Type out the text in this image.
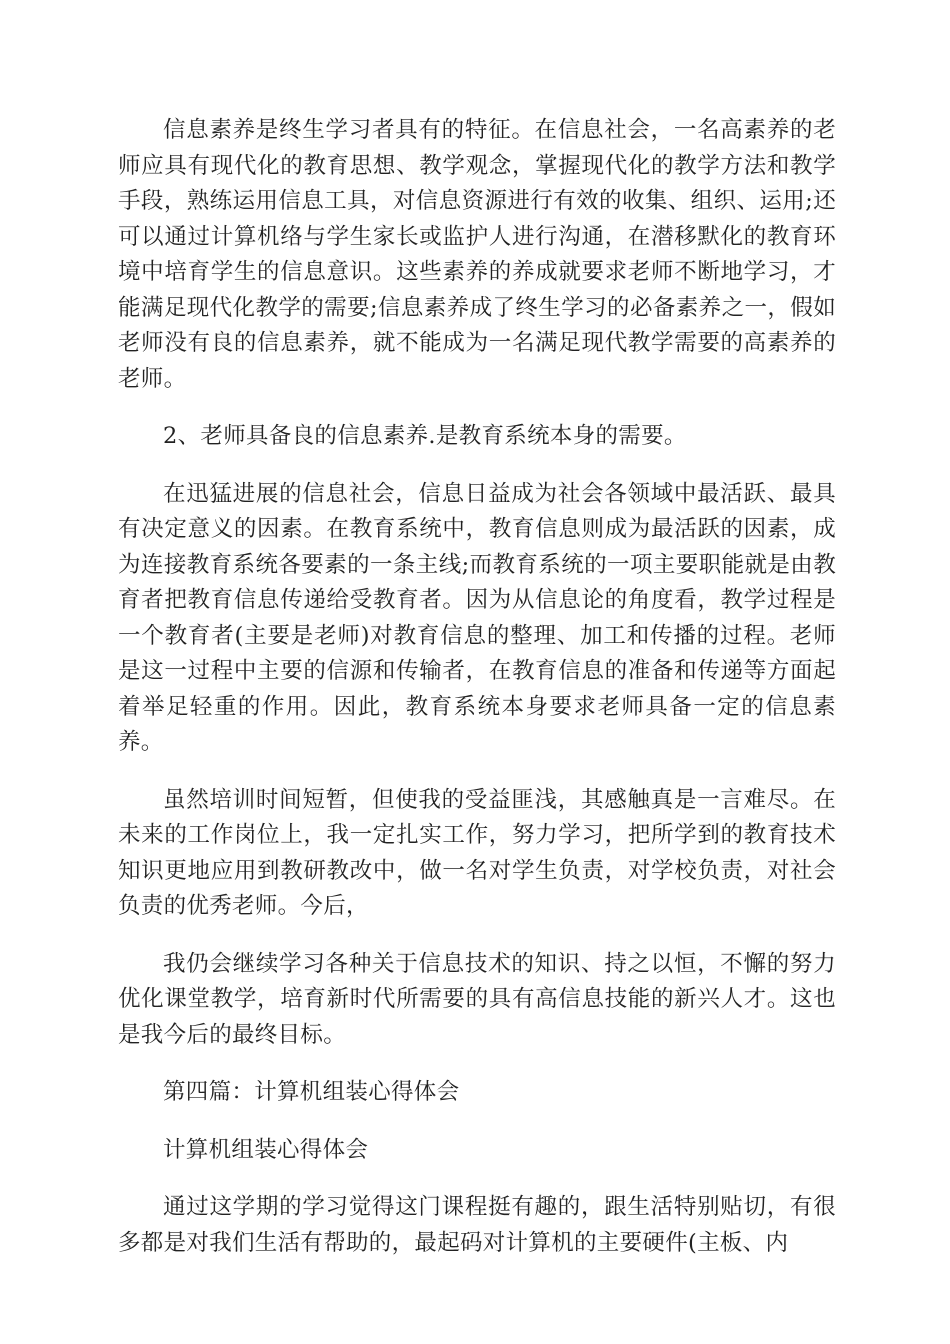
信息素养是终生学习者具有的特征。在信息社会，一名高素养的老师应具有现代化的教育思想、教学观念，掌握现代化的教学方法和教学手段，熟练运用信息工具，对信息资源进行有效的收集、组织、运用;还可以通过计算机络与学生家长或监护人进行沟通，在潜移默化的教育环境中培育学生的信息意识。这些素养的养成就要求老师不断地学习，才能满足现代化教学的需要;信息素养成了终生学习的必备素养之一，假如老师没有良的信息素养，就不能成为一名满足现代教学需要的高素养的老师。

2、老师具备良的信息素养.是教育系统本身的需要。

在迅猛进展的信息社会，信息日益成为社会各领域中最活跃、最具有决定意义的因素。在教育系统中，教育信息则成为最活跃的因素，成为连接教育系统各要素的一条主线;而教育系统的一项主要职能就是由教育者把教育信息传递给受教育者。因为从信息论的角度看，教学过程是一个教育者(主要是老师)对教育信息的整理、加工和传播的过程。老师是这一过程中主要的信源和传输者，在教育信息的准备和传递等方面起着举足轻重的作用。因此，教育系统本身要求老师具备一定的信息素养。

虽然培训时间短暂，但使我的受益匪浅，其感触真是一言难尽。在未来的工作岗位上，我一定扎实工作，努力学习，把所学到的教育技术知识更地应用到教研教改中，做一名对学生负责，对学校负责，对社会负责的优秀老师。今后，

我仍会继续学习各种关于信息技术的知识、持之以恒，不懈的努力优化课堂教学，培育新时代所需要的具有高信息技能的新兴人才。这也是我今后的最终目标。

第四篇：计算机组装心得体会

计算机组装心得体会

通过这学期的学习觉得这门课程挺有趣的，跟生活特别贴切，有很多都是对我们生活有帮助的，最起码对计算机的主要硬件(主板、内
